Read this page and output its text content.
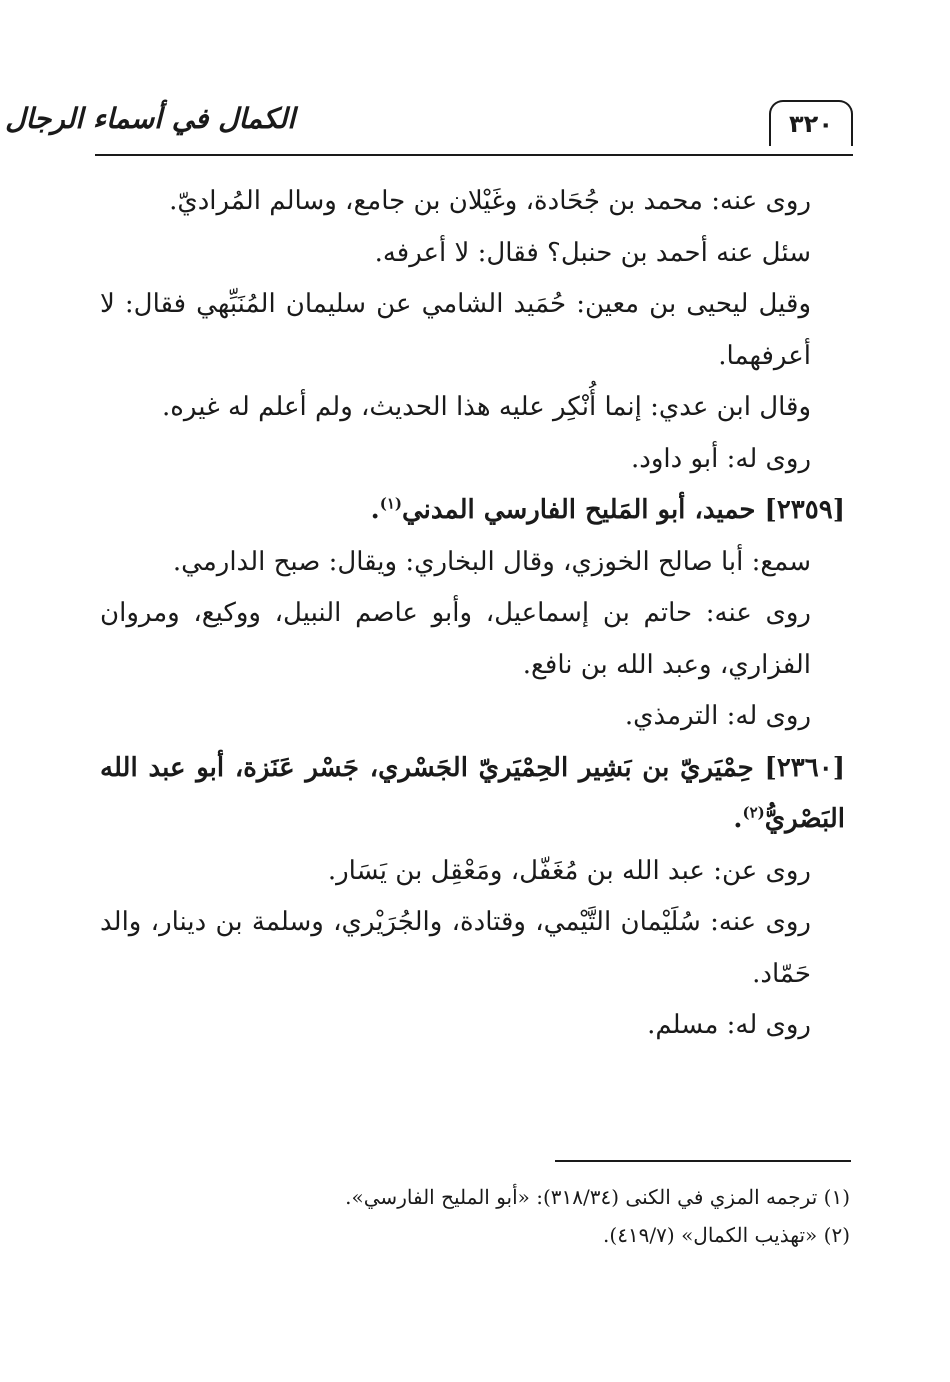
٣٢٠
الكمال في أسماء الرجال

روى عنه: محمد بن جُحَادة، وغَيْلان بن جامع، وسالم المُراديّ.

سئل عنه أحمد بن حنبل؟ فقال: لا أعرفه.

وقيل ليحيى بن معين: حُمَيد الشامي عن سليمان المُنَبِّهي فقال: لا أعرفهما.

وقال ابن عدي: إنما أُنْكِر عليه هذا الحديث، ولم أعلم له غيره.

روى له: أبو داود.

[٢٣٥٩] حميد، أبو المَليح الفارسي المدني$^{(١)}$.

سمع: أبا صالح الخوزي، وقال البخاري: ويقال: صبح الدارمي.

روى عنه: حاتم بن إسماعيل، وأبو عاصم النبيل، ووكيع، ومروان الفزاري، وعبد الله بن نافع.

روى له: الترمذي.

[٢٣٦٠] حِمْيَريّ بن بَشِير الحِمْيَريّ الجَسْري، جَسْر عَنَزة، أبو عبد الله البَصْريُّ$^{(٢)}$.

روى عن: عبد الله بن مُغَفّل، ومَعْقِل بن يَسَار.

روى عنه: سُلَيْمان التَّيْمي، وقتادة، والجُرَيْري، وسلمة بن دينار، والد حَمّاد.

روى له: مسلم.

(١) ترجمه المزي في الكنى (٣١٨/٣٤): «أبو المليح الفارسي».

(٢) «تهذيب الكمال» (٤١٩/٧).
